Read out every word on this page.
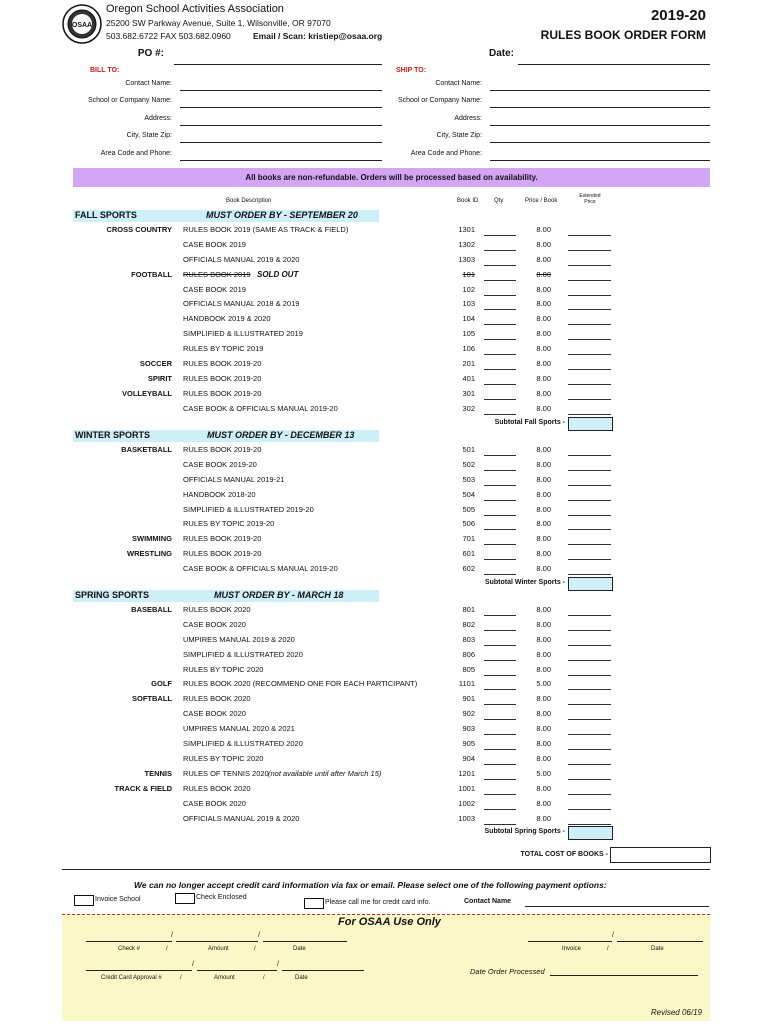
OSAA
Oregon School Activities Association
25200 SW Parkway Avenue, Suite 1, Wilsonville, OR 97070
503.682.6722 FAX 503.682.0960	Email / Scan: kristiep@osaa.org
2019-20
RULES BOOK ORDER FORM
PO #:	Date:
BILL TO:	SHIP TO:
Contact Name:	Contact Name:
School or Company Name:	School or Company Name:
Address:	Address:
City, State Zip:	City, State Zip:
Area Code and Phone:	Area Code and Phone:
All books are non-refundable. Orders will be processed based on availability.
Book Description	Book ID	Qty	Price / Book
Extended
Price
FALL SPORTS	MUST ORDER BY - SEPTEMBER 20
CROSS COUNTRY RULES BOOK 2019 (SAME AS TRACK & FIELD)	1301	8.00
CASE BOOK 2019	1302	8.00
OFFICIALS MANUAL 2019 & 2020	1303	8.00
FOOTBALL RULES BOOK 2019 SOLD OUT	101	8.00
CASE BOOK 2019	102	8.00
OFFICIALS MANUAL 2018 & 2019	103	8.00
HANDBOOK 2019 & 2020	104	8.00
SIMPLIFIED & ILLUSTRATED 2019	105	8.00
RULES BY TOPIC 2019	106	8.00
SOCCER RULES BOOK 2019-20	201	8.00
SPIRIT RULES BOOK 2019-20	401	8.00
VOLLEYBALL RULES BOOK 2019-20	301	8.00
CASE BOOK & OFFICIALS MANUAL 2019-20	302	8.00
Subtotal Fall Sports -
WINTER SPORTS	MUST ORDER BY - DECEMBER 13
BASKETBALL RULES BOOK 2019-20	501	8.00
CASE BOOK 2019-20	502	8.00
OFFICIALS MANUAL 2019-21	503	8.00
HANDBOOK 2018-20	504	8.00
SIMPLIFIED & ILLUSTRATED 2019-20	505	8.00
RULES BY TOPIC 2019-20	506	8.00
SWIMMING RULES BOOK 2019-20	701	8.00
WRESTLING RULES BOOK 2019-20	601	8.00
CASE BOOK & OFFICIALS MANUAL 2019-20	602	8.00
Subtotal Winter Sports -
SPRING SPORTS	MUST ORDER BY - MARCH 18
BASEBALL RULES BOOK 2020	801	8.00
CASE BOOK 2020	802	8.00
UMPIRES MANUAL 2019 & 2020	803	8.00
SIMPLIFIED & ILLUSTRATED 2020	806	8.00
RULES BY TOPIC 2020	805	8.00
GOLF RULES BOOK 2020 (RECOMMEND ONE FOR EACH PARTICIPANT)	1101	5.00
SOFTBALL RULES BOOK 2020	901	8.00
CASE BOOK 2020	902	8.00
UMPIRES MANUAL 2020 & 2021	903	8.00
SIMPLIFIED & ILLUSTRATED 2020	905	8.00
RULES BY TOPIC 2020	904	8.00
TENNIS RULES OF TENNIS 2020 (not available until after March 15)	1201	5.00
TRACK & FIELD RULES BOOK 2020	1001	8.00
CASE BOOK 2020	1002	8.00
OFFICIALS MANUAL 2019 & 2020	1003	8.00
Subtotal Spring Sports -
TOTAL COST OF BOOKS -
We can no longer accept credit card information via fax or email. Please select one of the following payment options:
Invoice School	Check Enclosed
Please call me for credit card info.	Contact Name
For OSAA Use Only
/	/
Check #	/	Amount	/	Date
/
Invoice	/	Date
/	/
Credit Card Approval #	/	Amount	/	Date
Date Order Processed
Revised 06/19
